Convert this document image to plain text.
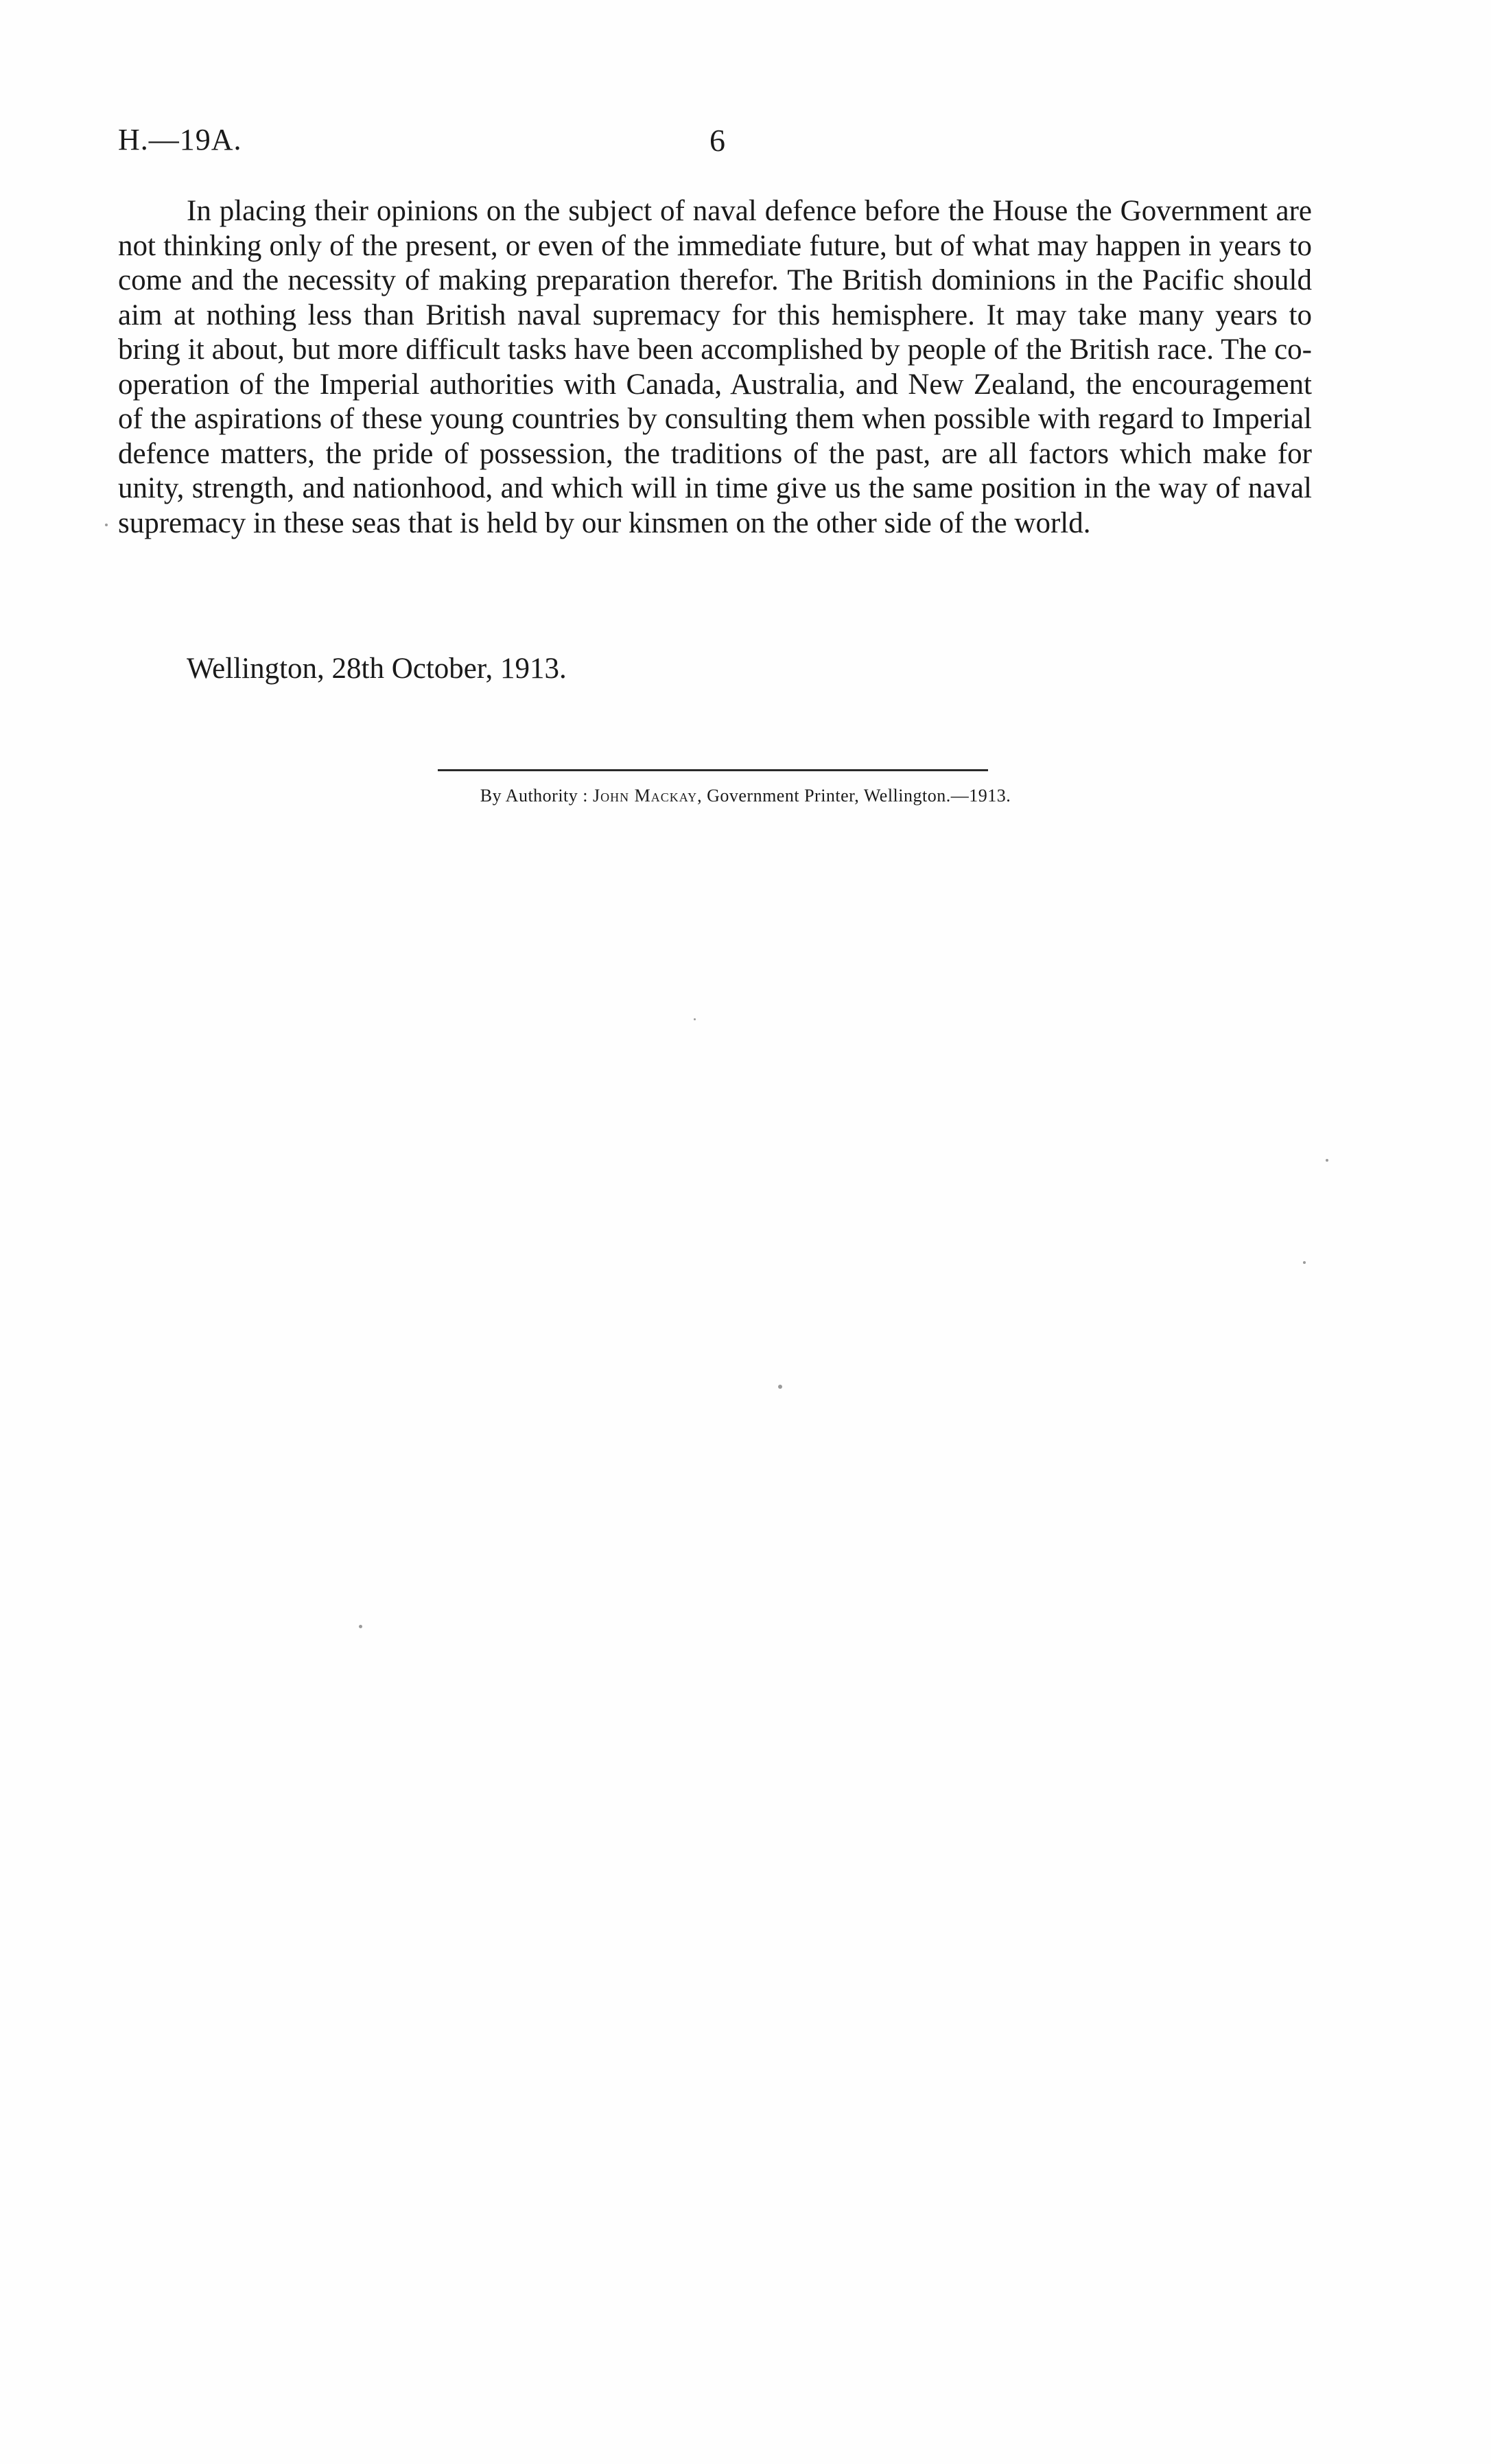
H.—19A.	6

In placing their opinions on the subject of naval defence before the House the Government are not thinking only of the present, or even of the immediate future, but of what may happen in years to come and the necessity of making preparation therefor. The British dominions in the Pacific should aim at nothing less than British naval supremacy for this hemisphere. It may take many years to bring it about, but more difficult tasks have been accomplished by people of the British race. The co-operation of the Imperial authorities with Canada, Australia, and New Zealand, the encouragement of the aspirations of these young countries by consulting them when possible with regard to Imperial defence matters, the pride of possession, the traditions of the past, are all factors which make for unity, strength, and nationhood, and which will in time give us the same position in the way of naval supremacy in these seas that is held by our kinsmen on the other side of the world.

Wellington, 28th October, 1913.

By Authority : John Mackay, Government Printer, Wellington.—1913.
